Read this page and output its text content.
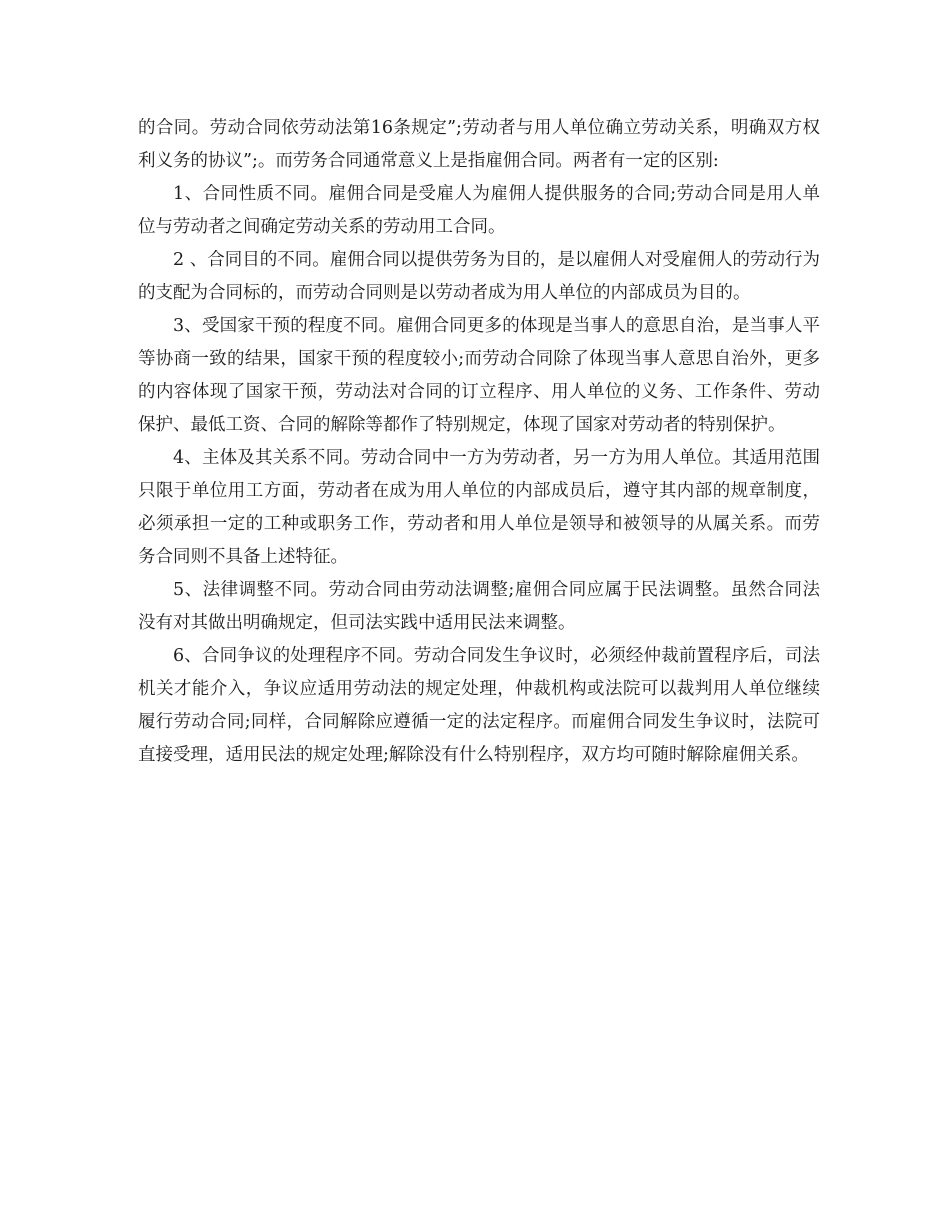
的合同。劳动合同依劳动法第16条规定”;劳动者与用人单位确立劳动关系，明确双方权利义务的协议”;。而劳务合同通常意义上是指雇佣合同。两者有一定的区别:

1、合同性质不同。雇佣合同是受雇人为雇佣人提供服务的合同;劳动合同是用人单位与劳动者之间确定劳动关系的劳动用工合同。

2 、合同目的不同。雇佣合同以提供劳务为目的，是以雇佣人对受雇佣人的劳动行为的支配为合同标的，而劳动合同则是以劳动者成为用人单位的内部成员为目的。

3、受国家干预的程度不同。雇佣合同更多的体现是当事人的意思自治，是当事人平等协商一致的结果，国家干预的程度较小;而劳动合同除了体现当事人意思自治外，更多的内容体现了国家干预，劳动法对合同的订立程序、用人单位的义务、工作条件、劳动保护、最低工资、合同的解除等都作了特别规定，体现了国家对劳动者的特别保护。

4、主体及其关系不同。劳动合同中一方为劳动者，另一方为用人单位。其适用范围只限于单位用工方面，劳动者在成为用人单位的内部成员后，遵守其内部的规章制度，必须承担一定的工种或职务工作，劳动者和用人单位是领导和被领导的从属关系。而劳务合同则不具备上述特征。

5、法律调整不同。劳动合同由劳动法调整;雇佣合同应属于民法调整。虽然合同法没有对其做出明确规定，但司法实践中适用民法来调整。

6、合同争议的处理程序不同。劳动合同发生争议时，必须经仲裁前置程序后，司法机关才能介入，争议应适用劳动法的规定处理，仲裁机构或法院可以裁判用人单位继续履行劳动合同;同样，合同解除应遵循一定的法定程序。而雇佣合同发生争议时，法院可直接受理，适用民法的规定处理;解除没有什么特别程序，双方均可随时解除雇佣关系。
